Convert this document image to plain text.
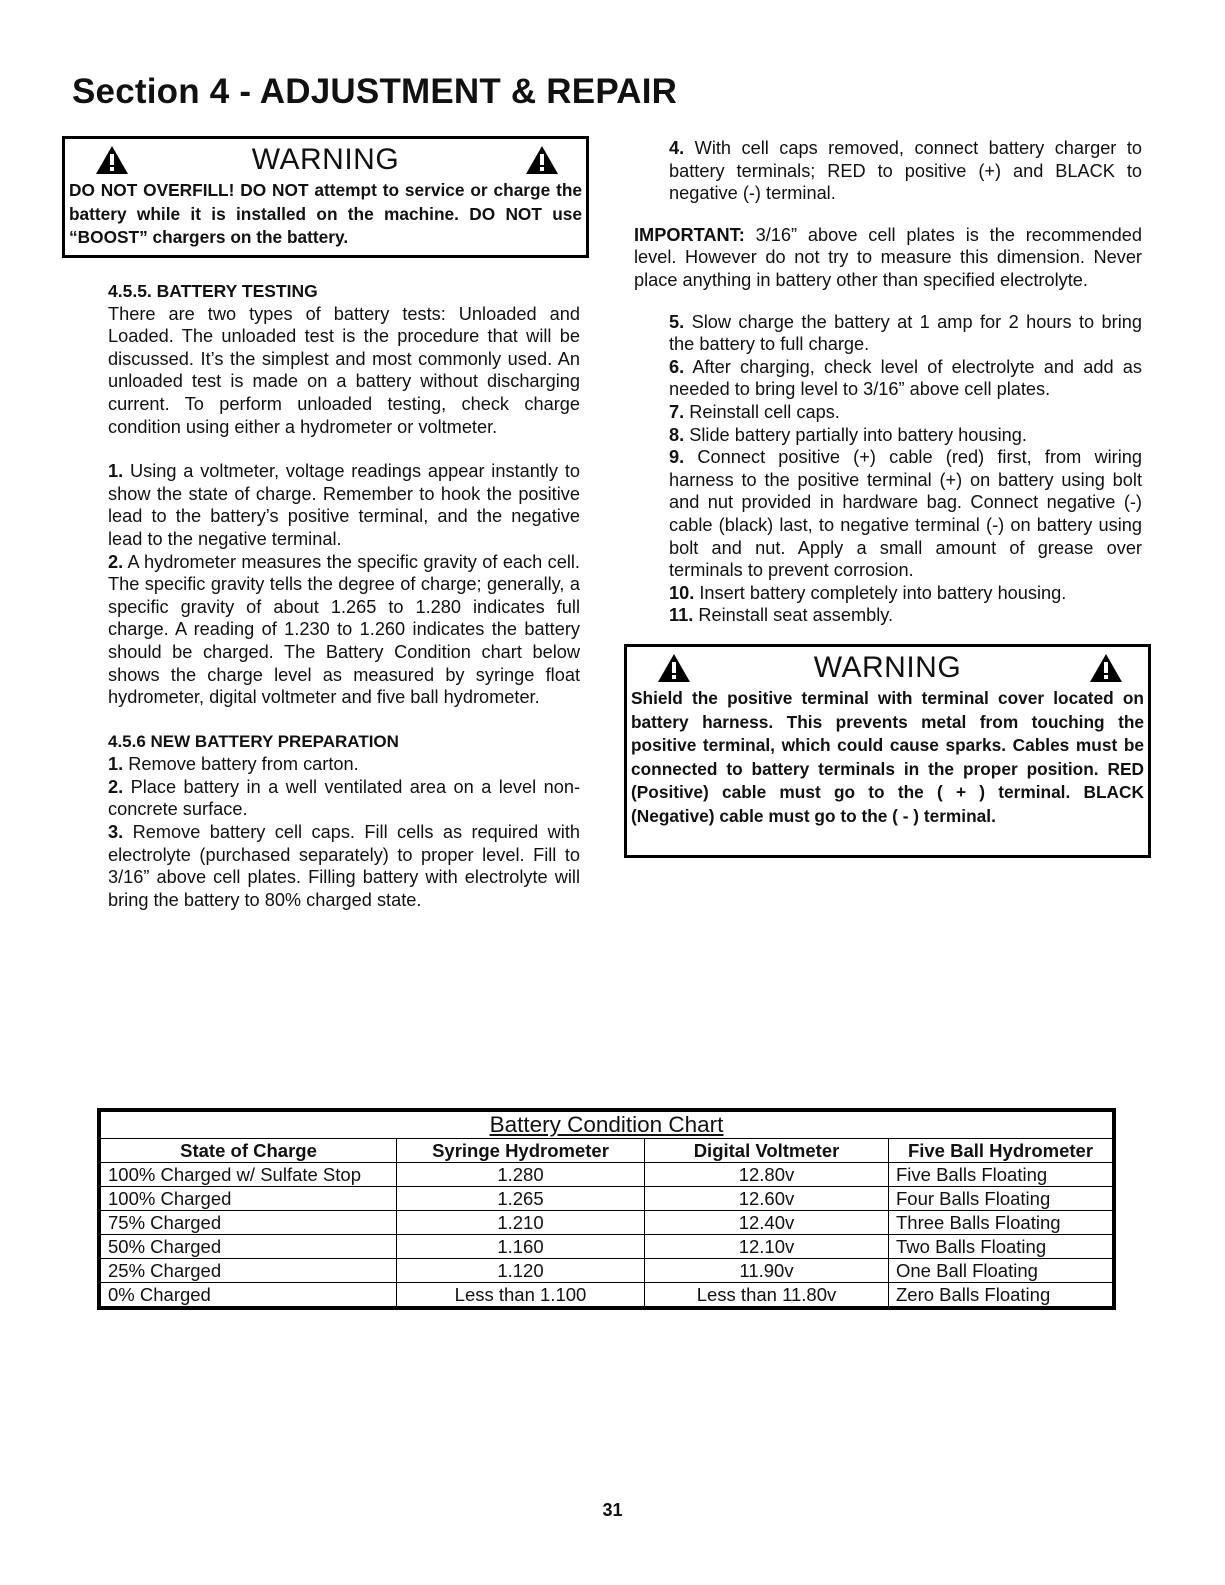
Section 4 - ADJUSTMENT & REPAIR
WARNING
DO NOT OVERFILL! DO NOT attempt to service or charge the battery while it is installed on the machine. DO NOT use “BOOST” chargers on the battery.

4.5.5. BATTERY TESTING

There are two types of battery tests: Unloaded and Loaded. The unloaded test is the procedure that will be discussed. It’s the simplest and most commonly used. An unloaded test is made on a battery without discharging current. To perform unloaded testing, check charge condition using either a hydrometer or voltmeter.

1. Using a voltmeter, voltage readings appear instantly to show the state of charge. Remember to hook the positive lead to the battery’s positive terminal, and the negative lead to the negative terminal.

2. A hydrometer measures the specific gravity of each cell. The specific gravity tells the degree of charge; generally, a specific gravity of about 1.265 to 1.280 indicates full charge. A reading of 1.230 to 1.260 indicates the battery should be charged. The Battery Condition chart below shows the charge level as measured by syringe float hydrometer, digital voltmeter and five ball hydrometer.

4.5.6 NEW BATTERY PREPARATION

1. Remove battery from carton.

2. Place battery in a well ventilated area on a level non-concrete surface.

3. Remove battery cell caps. Fill cells as required with electrolyte (purchased separately) to proper level. Fill to 3/16” above cell plates. Filling battery with electrolyte will bring the battery to 80% charged state.

4. With cell caps removed, connect battery charger to battery terminals; RED to positive (+) and BLACK to negative (-) terminal.

IMPORTANT: 3/16” above cell plates is the recommended level. However do not try to measure this dimension. Never place anything in battery other than specified electrolyte.

5. Slow charge the battery at 1 amp for 2 hours to bring the battery to full charge.

6. After charging, check level of electrolyte and add as needed to bring level to 3/16” above cell plates.

7. Reinstall cell caps.

8. Slide battery partially into battery housing.

9. Connect positive (+) cable (red) first, from wiring harness to the positive terminal (+) on battery using bolt and nut provided in hardware bag. Connect negative (-) cable (black) last, to negative terminal (-) on battery using bolt and nut. Apply a small amount of grease over terminals to prevent corrosion.

10. Insert battery completely into battery housing.

11. Reinstall seat assembly.

WARNING
Shield the positive terminal with terminal cover located on battery harness. This prevents metal from touching the positive terminal, which could cause sparks. Cables must be connected to battery terminals in the proper position. RED (Positive) cable must go to the ( + ) terminal. BLACK (Negative) cable must go to the ( - ) terminal.
Battery Condition Chart			
State of Charge	Syringe Hydrometer	Digital Voltmeter	Five Ball Hydrometer
100% Charged w/ Sulfate Stop	1.280	12.80v	Five Balls Floating
100% Charged	1.265	12.60v	Four Balls Floating
75% Charged	1.210	12.40v	Three Balls Floating
50% Charged	1.160	12.10v	Two Balls Floating
25% Charged	1.120	11.90v	One Ball Floating
0% Charged	Less than 1.100	Less than 11.80v	Zero Balls Floating
31
